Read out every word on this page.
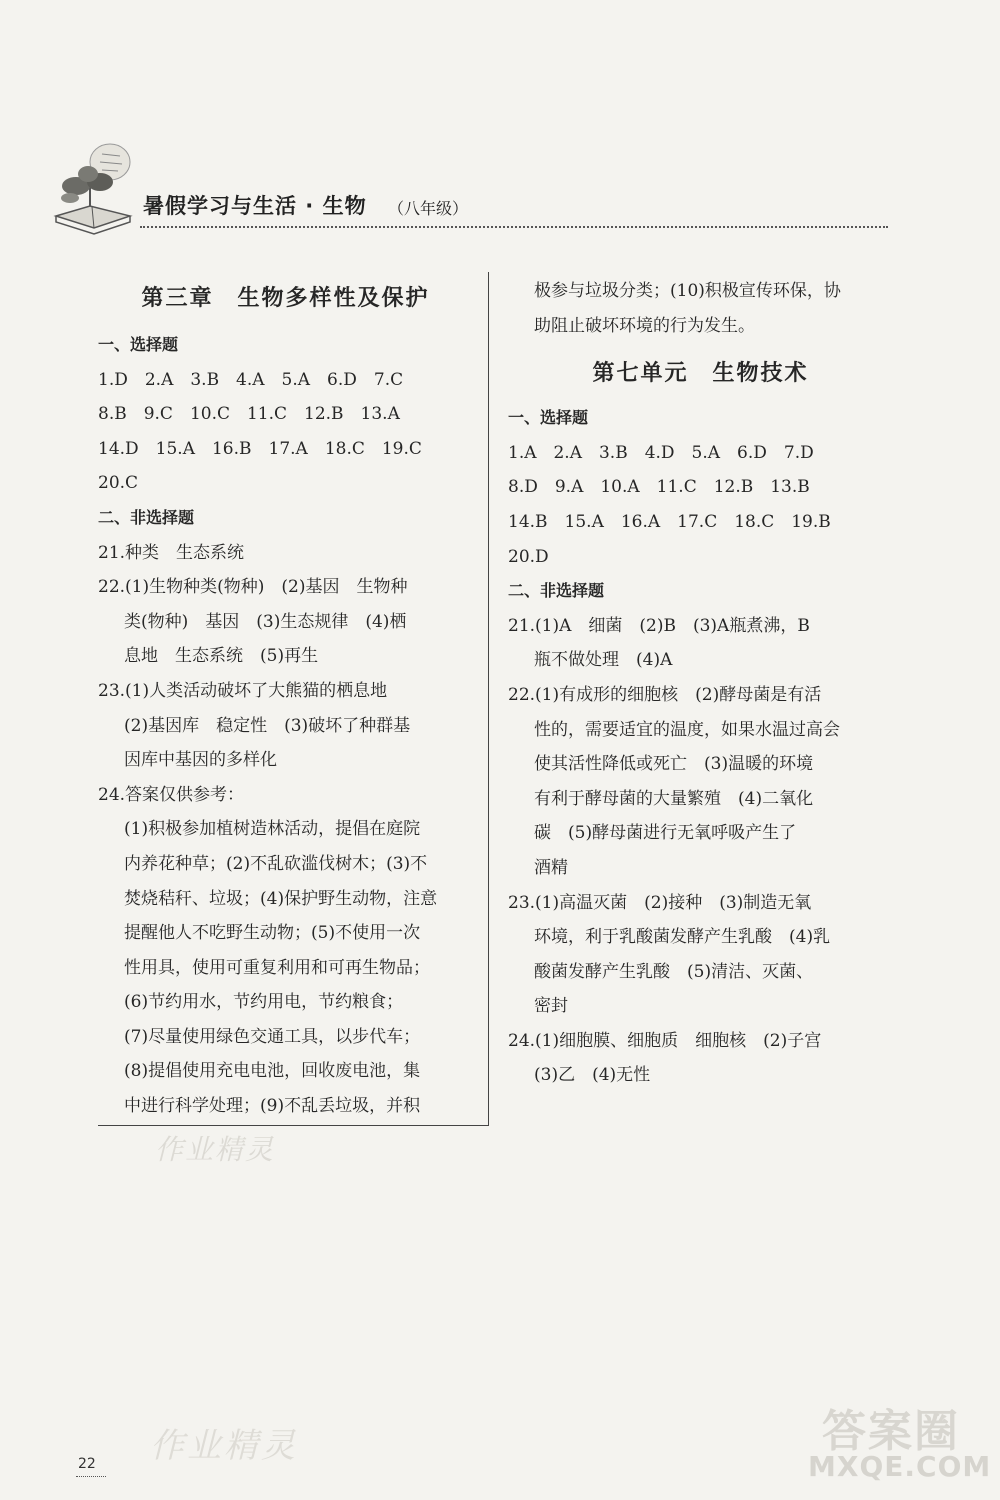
暑假学习与生活 · 生物 （八年级）
第三章　生物多样性及保护
一、选择题
1.D　2.A　3.B　4.A　5.A　6.D　7.C
8.B　9.C　10.C　11.C　12.B　13.A
14.D　15.A　16.B　17.A　18.C　19.C
20.C
二、非选择题
21.种类　生态系统
22.(1)生物种类(物种)　(2)基因　生物种
类(物种)　基因　(3)生态规律　(4)栖
息地　生态系统　(5)再生
23.(1)人类活动破坏了大熊猫的栖息地
(2)基因库　稳定性　(3)破坏了种群基
因库中基因的多样化
24.答案仅供参考：
(1)积极参加植树造林活动，提倡在庭院
内养花种草；(2)不乱砍滥伐树木；(3)不
焚烧秸秆、垃圾；(4)保护野生动物，注意
提醒他人不吃野生动物；(5)不使用一次
性用具，使用可重复利用和可再生物品；
(6)节约用水，节约用电，节约粮食；
(7)尽量使用绿色交通工具，以步代车；
(8)提倡使用充电电池，回收废电池，集
中进行科学处理；(9)不乱丢垃圾，并积
极参与垃圾分类；(10)积极宣传环保，协
助阻止破坏环境的行为发生。
第七单元　生物技术
一、选择题
1.A　2.A　3.B　4.D　5.A　6.D　7.D
8.D　9.A　10.A　11.C　12.B　13.B
14.B　15.A　16.A　17.C　18.C　19.B
20.D
二、非选择题
21.(1)A　细菌　(2)B　(3)A瓶煮沸，B
瓶不做处理　(4)A
22.(1)有成形的细胞核　(2)酵母菌是有活
性的，需要适宜的温度，如果水温过高会
使其活性降低或死亡　(3)温暖的环境
有利于酵母菌的大量繁殖　(4)二氧化
碳　(5)酵母菌进行无氧呼吸产生了
酒精
23.(1)高温灭菌　(2)接种　(3)制造无氧
环境，利于乳酸菌发酵产生乳酸　(4)乳
酸菌发酵产生乳酸　(5)清洁、灭菌、
密封
24.(1)细胞膜、细胞质　细胞核　(2)子宫
(3)乙　(4)无性
作业精灵
作业精灵	答案圈
MXQE.COM
22
